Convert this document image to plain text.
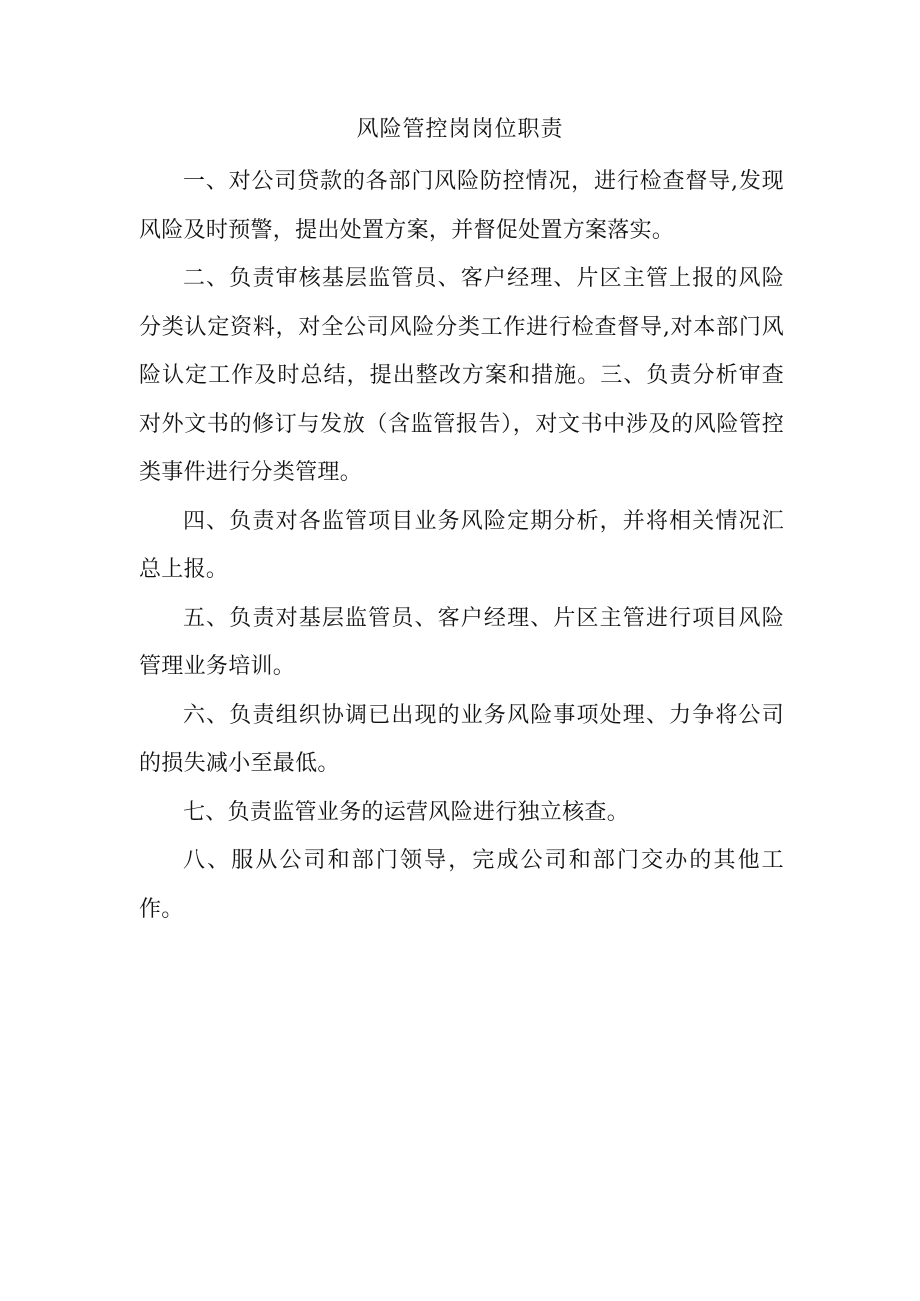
风险管控岗岗位职责

一、对公司贷款的各部门风险防控情况，进行检查督导,发现风险及时预警，提出处置方案，并督促处置方案落实。

二、负责审核基层监管员、客户经理、片区主管上报的风险分类认定资料，对全公司风险分类工作进行检查督导,对本部门风险认定工作及时总结，提出整改方案和措施。三、负责分析审查对外文书的修订与发放（含监管报告），对文书中涉及的风险管控类事件进行分类管理。

四、负责对各监管项目业务风险定期分析，并将相关情况汇总上报。

五、负责对基层监管员、客户经理、片区主管进行项目风险管理业务培训。

六、负责组织协调已出现的业务风险事项处理、力争将公司的损失减小至最低。

七、负责监管业务的运营风险进行独立核查。

八、服从公司和部门领导，完成公司和部门交办的其他工作。
